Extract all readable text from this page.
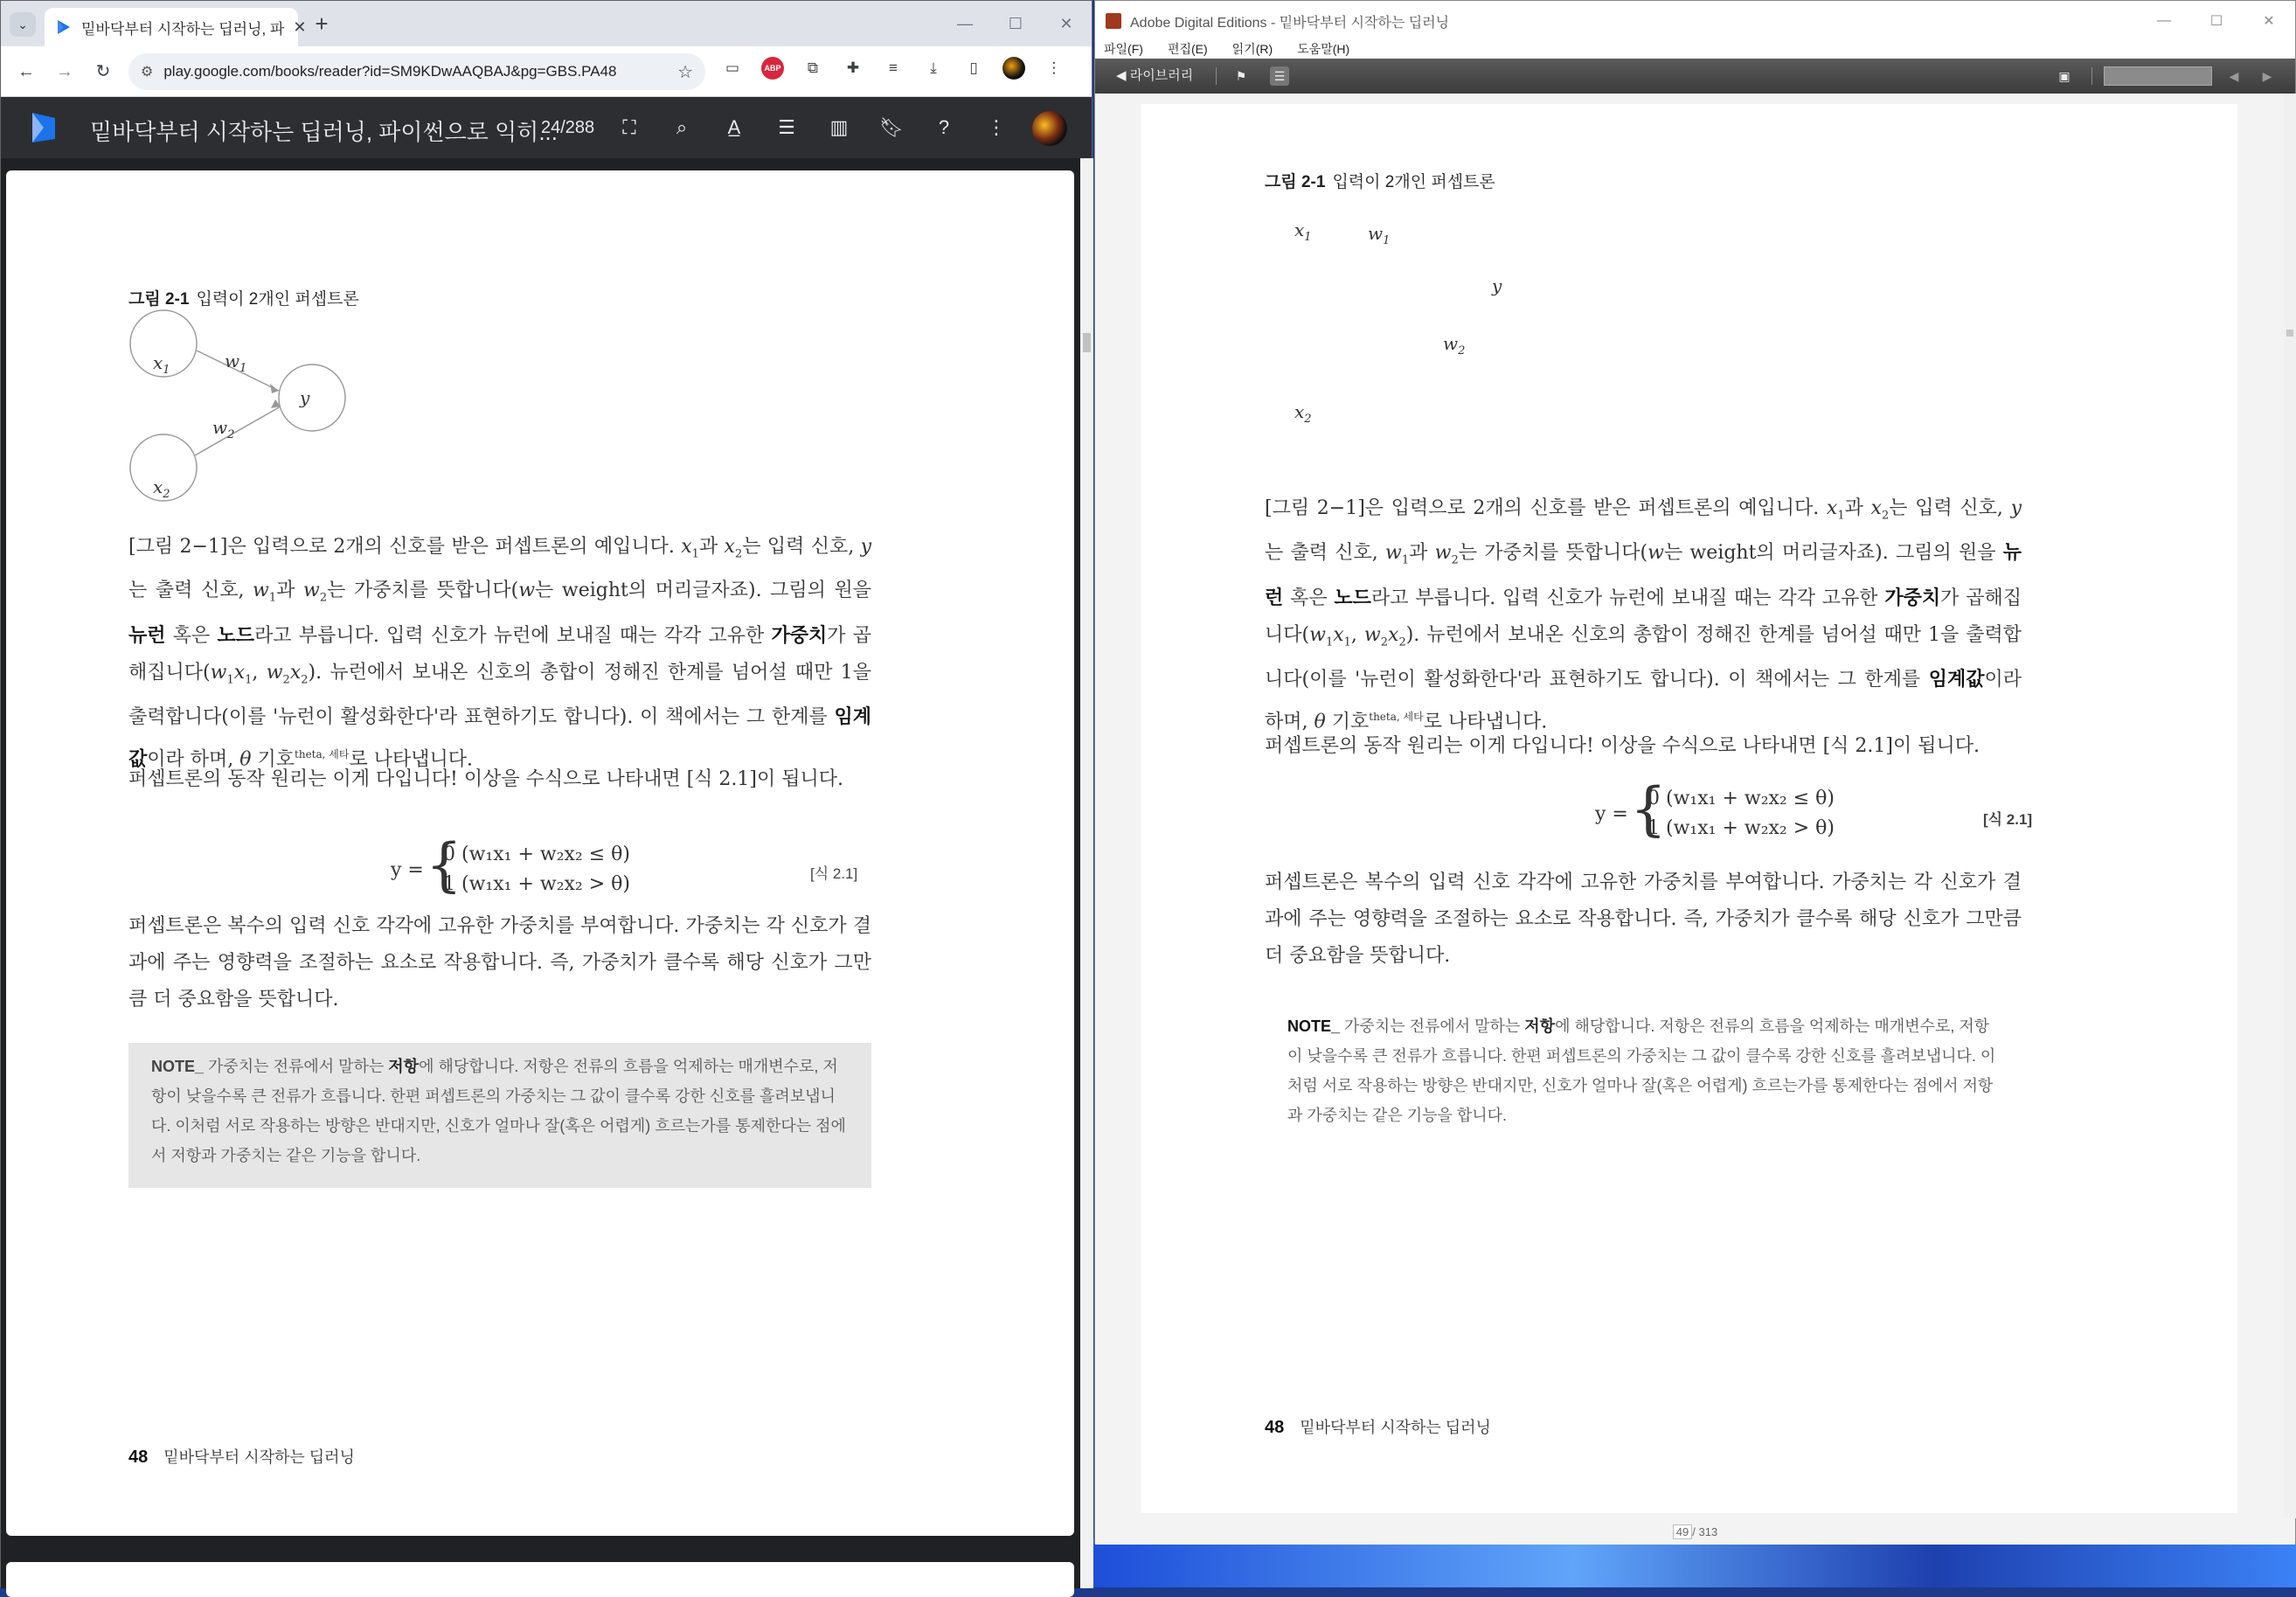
⌄	밑바닥부터 시작하는 딥러닝, 파 ✕ +	—	☐	✕
← →	↻	⚙ play.google.com/books/reader?id=SM9KDwAAQBAJ&pg=GBS.PA48	☆ ▭	ABP	⧉	✚	≡	⤓	▯	⋮
밑바닥부터 시작하는 딥러닝, 파이썬으로 익히...
24/288	⛶	⌕	A̲	☰	▥	🔖︎	?	⋮
그림 2-1 입력이 2개인 퍼셉트론
$x_1$
$x_2$
y
$w_1$
$w_2$
[그림 2−1]은 입력으로 2개의 신호를 받은 퍼셉트론의 예입니다. $x_1$과 $x_2$는 입력 신호, y는 출력 신호, $w_1$과 $w_2$는 가중치를 뜻합니다(w는 weight의 머리글자죠). 그림의 원을 뉴런 혹은 노드라고 부릅니다. 입력 신호가 뉴런에 보내질 때는 각각 고유한 가중치가 곱해집니다($w_1x_1$, $w_2x_2$). 뉴런에서 보내온 신호의 총합이 정해진 한계를 넘어설 때만 1을 출력합니다(이를 '뉴런이 활성화한다'라 표현하기도 합니다). 이 책에서는 그 한계를 임계값이라 하며, θ 기호$^{theta, 세타}$로 나타냅니다.
퍼셉트론의 동작 원리는 이게 다입니다! 이상을 수식으로 나타내면 [식 2.1]이 됩니다.
y = {
0 (w₁x₁ + w₂x₂ ≤ θ)
1 (w₁x₁ + w₂x₂ > θ)	[식 2.1]
퍼셉트론은 복수의 입력 신호 각각에 고유한 가중치를 부여합니다. 가중치는 각 신호가 결과에 주는 영향력을 조절하는 요소로 작용합니다. 즉, 가중치가 클수록 해당 신호가 그만큼 더 중요함을 뜻합니다.
NOTE_ 가중치는 전류에서 말하는 저항에 해당합니다. 저항은 전류의 흐름을 억제하는 매개변수로, 저항이 낮을수록 큰 전류가 흐릅니다. 한편 퍼셉트론의 가중치는 그 값이 클수록 강한 신호를 흘려보냅니다. 이처럼 서로 작용하는 방향은 반대지만, 신호가 얼마나 잘(혹은 어렵게) 흐르는가를 통제한다는 점에서 저항과 가중치는 같은 기능을 합니다.
48 밑바닥부터 시작하는 딥러닝
Adobe Digital Editions - 밑바닥부터 시작하는 딥러닝	—	☐	✕
파일(F) 편집(E) 읽기(R) 도움말(H)
◀ 라이브러리	⚑	☰	▣	◀	▶
그림 2-1 입력이 2개인 퍼셉트론
$x_1$	$w_1$
$w_2$
y
$x_2$
[그림 2−1]은 입력으로 2개의 신호를 받은 퍼셉트론의 예입니다. $x_1$과 $x_2$는 입력 신호, y는 출력 신호, $w_1$과 $w_2$는 가중치를 뜻합니다(w는 weight의 머리글자죠). 그림의 원을 뉴런 혹은 노드라고 부릅니다. 입력 신호가 뉴런에 보내질 때는 각각 고유한 가중치가 곱해집니다($w_1x_1$, $w_2x_2$). 뉴런에서 보내온 신호의 총합이 정해진 한계를 넘어설 때만 1을 출력합니다(이를 '뉴런이 활성화한다'라 표현하기도 합니다). 이 책에서는 그 한계를 임계값이라 하며, θ 기호$^{theta, 세타}$로 나타냅니다.
퍼셉트론의 동작 원리는 이게 다입니다! 이상을 수식으로 나타내면 [식 2.1]이 됩니다.
y = {
0 (w₁x₁ + w₂x₂ ≤ θ)
1 (w₁x₁ + w₂x₂ > θ)	[식 2.1]
퍼셉트론은 복수의 입력 신호 각각에 고유한 가중치를 부여합니다. 가중치는 각 신호가 결과에 주는 영향력을 조절하는 요소로 작용합니다. 즉, 가중치가 클수록 해당 신호가 그만큼 더 중요함을 뜻합니다.
NOTE_ 가중치는 전류에서 말하는 저항에 해당합니다. 저항은 전류의 흐름을 억제하는 매개변수로, 저항이 낮을수록 큰 전류가 흐릅니다. 한편 퍼셉트론의 가중치는 그 값이 클수록 강한 신호를 흘려보냅니다. 이처럼 서로 작용하는 방향은 반대지만, 신호가 얼마나 잘(혹은 어렵게) 흐르는가를 통제한다는 점에서 저항과 가중치는 같은 기능을 합니다.
48 밑바닥부터 시작하는 딥러닝
49 / 313
